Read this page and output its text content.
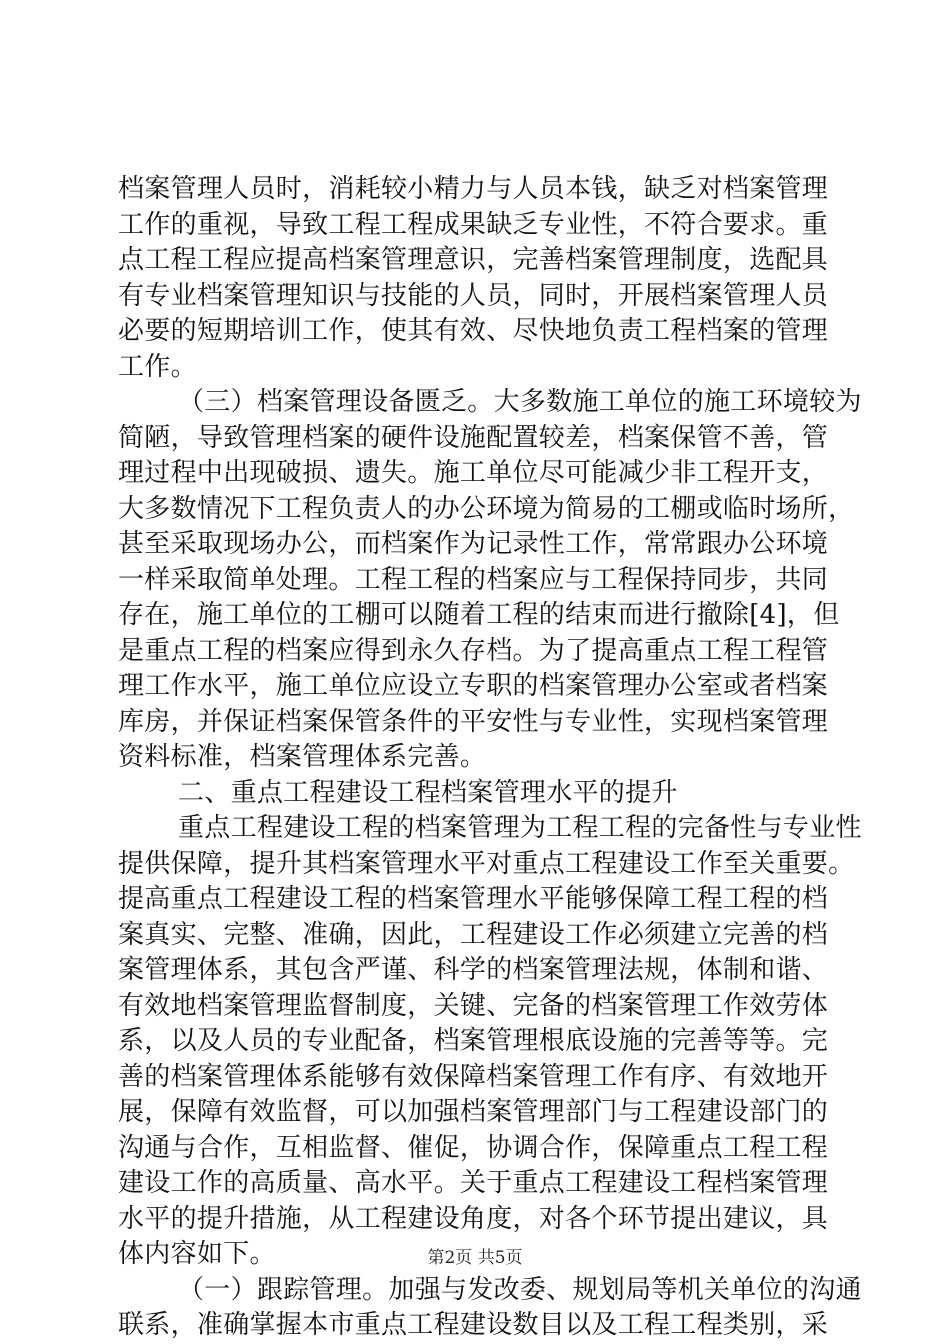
档案管理人员时，消耗较小精力与人员本钱，缺乏对档案管理
工作的重视，导致工程工程成果缺乏专业性，不符合要求。重
点工程工程应提高档案管理意识，完善档案管理制度，选配具
有专业档案管理知识与技能的人员，同时，开展档案管理人员
必要的短期培训工作，使其有效、尽快地负责工程档案的管理
工作。
（三）档案管理设备匮乏。大多数施工单位的施工环境较为
简陋，导致管理档案的硬件设施配置较差，档案保管不善，管
理过程中出现破损、遗失。施工单位尽可能减少非工程开支，
大多数情况下工程负责人的办公环境为简易的工棚或临时场所，
甚至采取现场办公，而档案作为记录性工作，常常跟办公环境
一样采取简单处理。工程工程的档案应与工程保持同步，共同
存在，施工单位的工棚可以随着工程的结束而进行撤除[4]，但
是重点工程的档案应得到永久存档。为了提高重点工程工程管
理工作水平，施工单位应设立专职的档案管理办公室或者档案
库房，并保证档案保管条件的平安性与专业性，实现档案管理
资料标准，档案管理体系完善。
二、重点工程建设工程档案管理水平的提升
重点工程建设工程的档案管理为工程工程的完备性与专业性
提供保障，提升其档案管理水平对重点工程建设工作至关重要。
提高重点工程建设工程的档案管理水平能够保障工程工程的档
案真实、完整、准确，因此，工程建设工作必须建立完善的档
案管理体系，其包含严谨、科学的档案管理法规，体制和谐、
有效地档案管理监督制度，关键、完备的档案管理工作效劳体
系，以及人员的专业配备，档案管理根底设施的完善等等。完
善的档案管理体系能够有效保障档案管理工作有序、有效地开
展，保障有效监督，可以加强档案管理部门与工程建设部门的
沟通与合作，互相监督、催促，协调合作，保障重点工程工程
建设工作的高质量、高水平。关于重点工程建设工程档案管理
水平的提升措施，从工程建设角度，对各个环节提出建议，具
体内容如下。
（一）跟踪管理。加强与发改委、规划局等机关单位的沟通
联系，准确掌握本市重点工程建设数目以及工程工程类别，采
第2页 共5页
